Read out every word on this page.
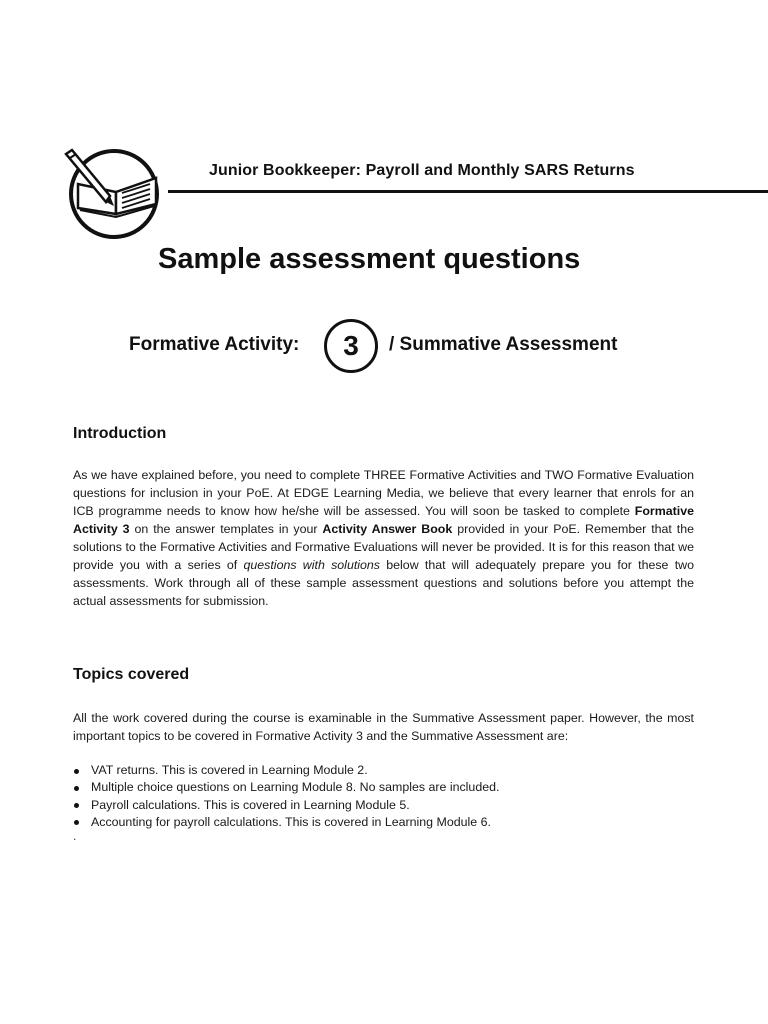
Junior Bookkeeper: Payroll and Monthly SARS Returns
Sample assessment questions
Formative Activity:	3	/ Summative Assessment
Introduction
As we have explained before, you need to complete THREE Formative Activities and TWO Formative Evaluation questions for inclusion in your PoE. At EDGE Learning Media, we believe that every learner that enrols for an ICB programme needs to know how he/she will be assessed. You will soon be tasked to complete Formative Activity 3 on the answer templates in your Activity Answer Book provided in your PoE. Remember that the solutions to the Formative Activities and Formative Evaluations will never be provided. It is for this reason that we provide you with a series of questions with solutions below that will adequately prepare you for these two assessments. Work through all of these sample assessment questions and solutions before you attempt the actual assessments for submission.
Topics covered
All the work covered during the course is examinable in the Summative Assessment paper. However, the most important topics to be covered in Formative Activity 3 and the Summative Assessment are:
VAT returns. This is covered in Learning Module 2.
Multiple choice questions on Learning Module 8. No samples are included.
Payroll calculations. This is covered in Learning Module 5.
Accounting for payroll calculations. This is covered in Learning Module 6.
.
